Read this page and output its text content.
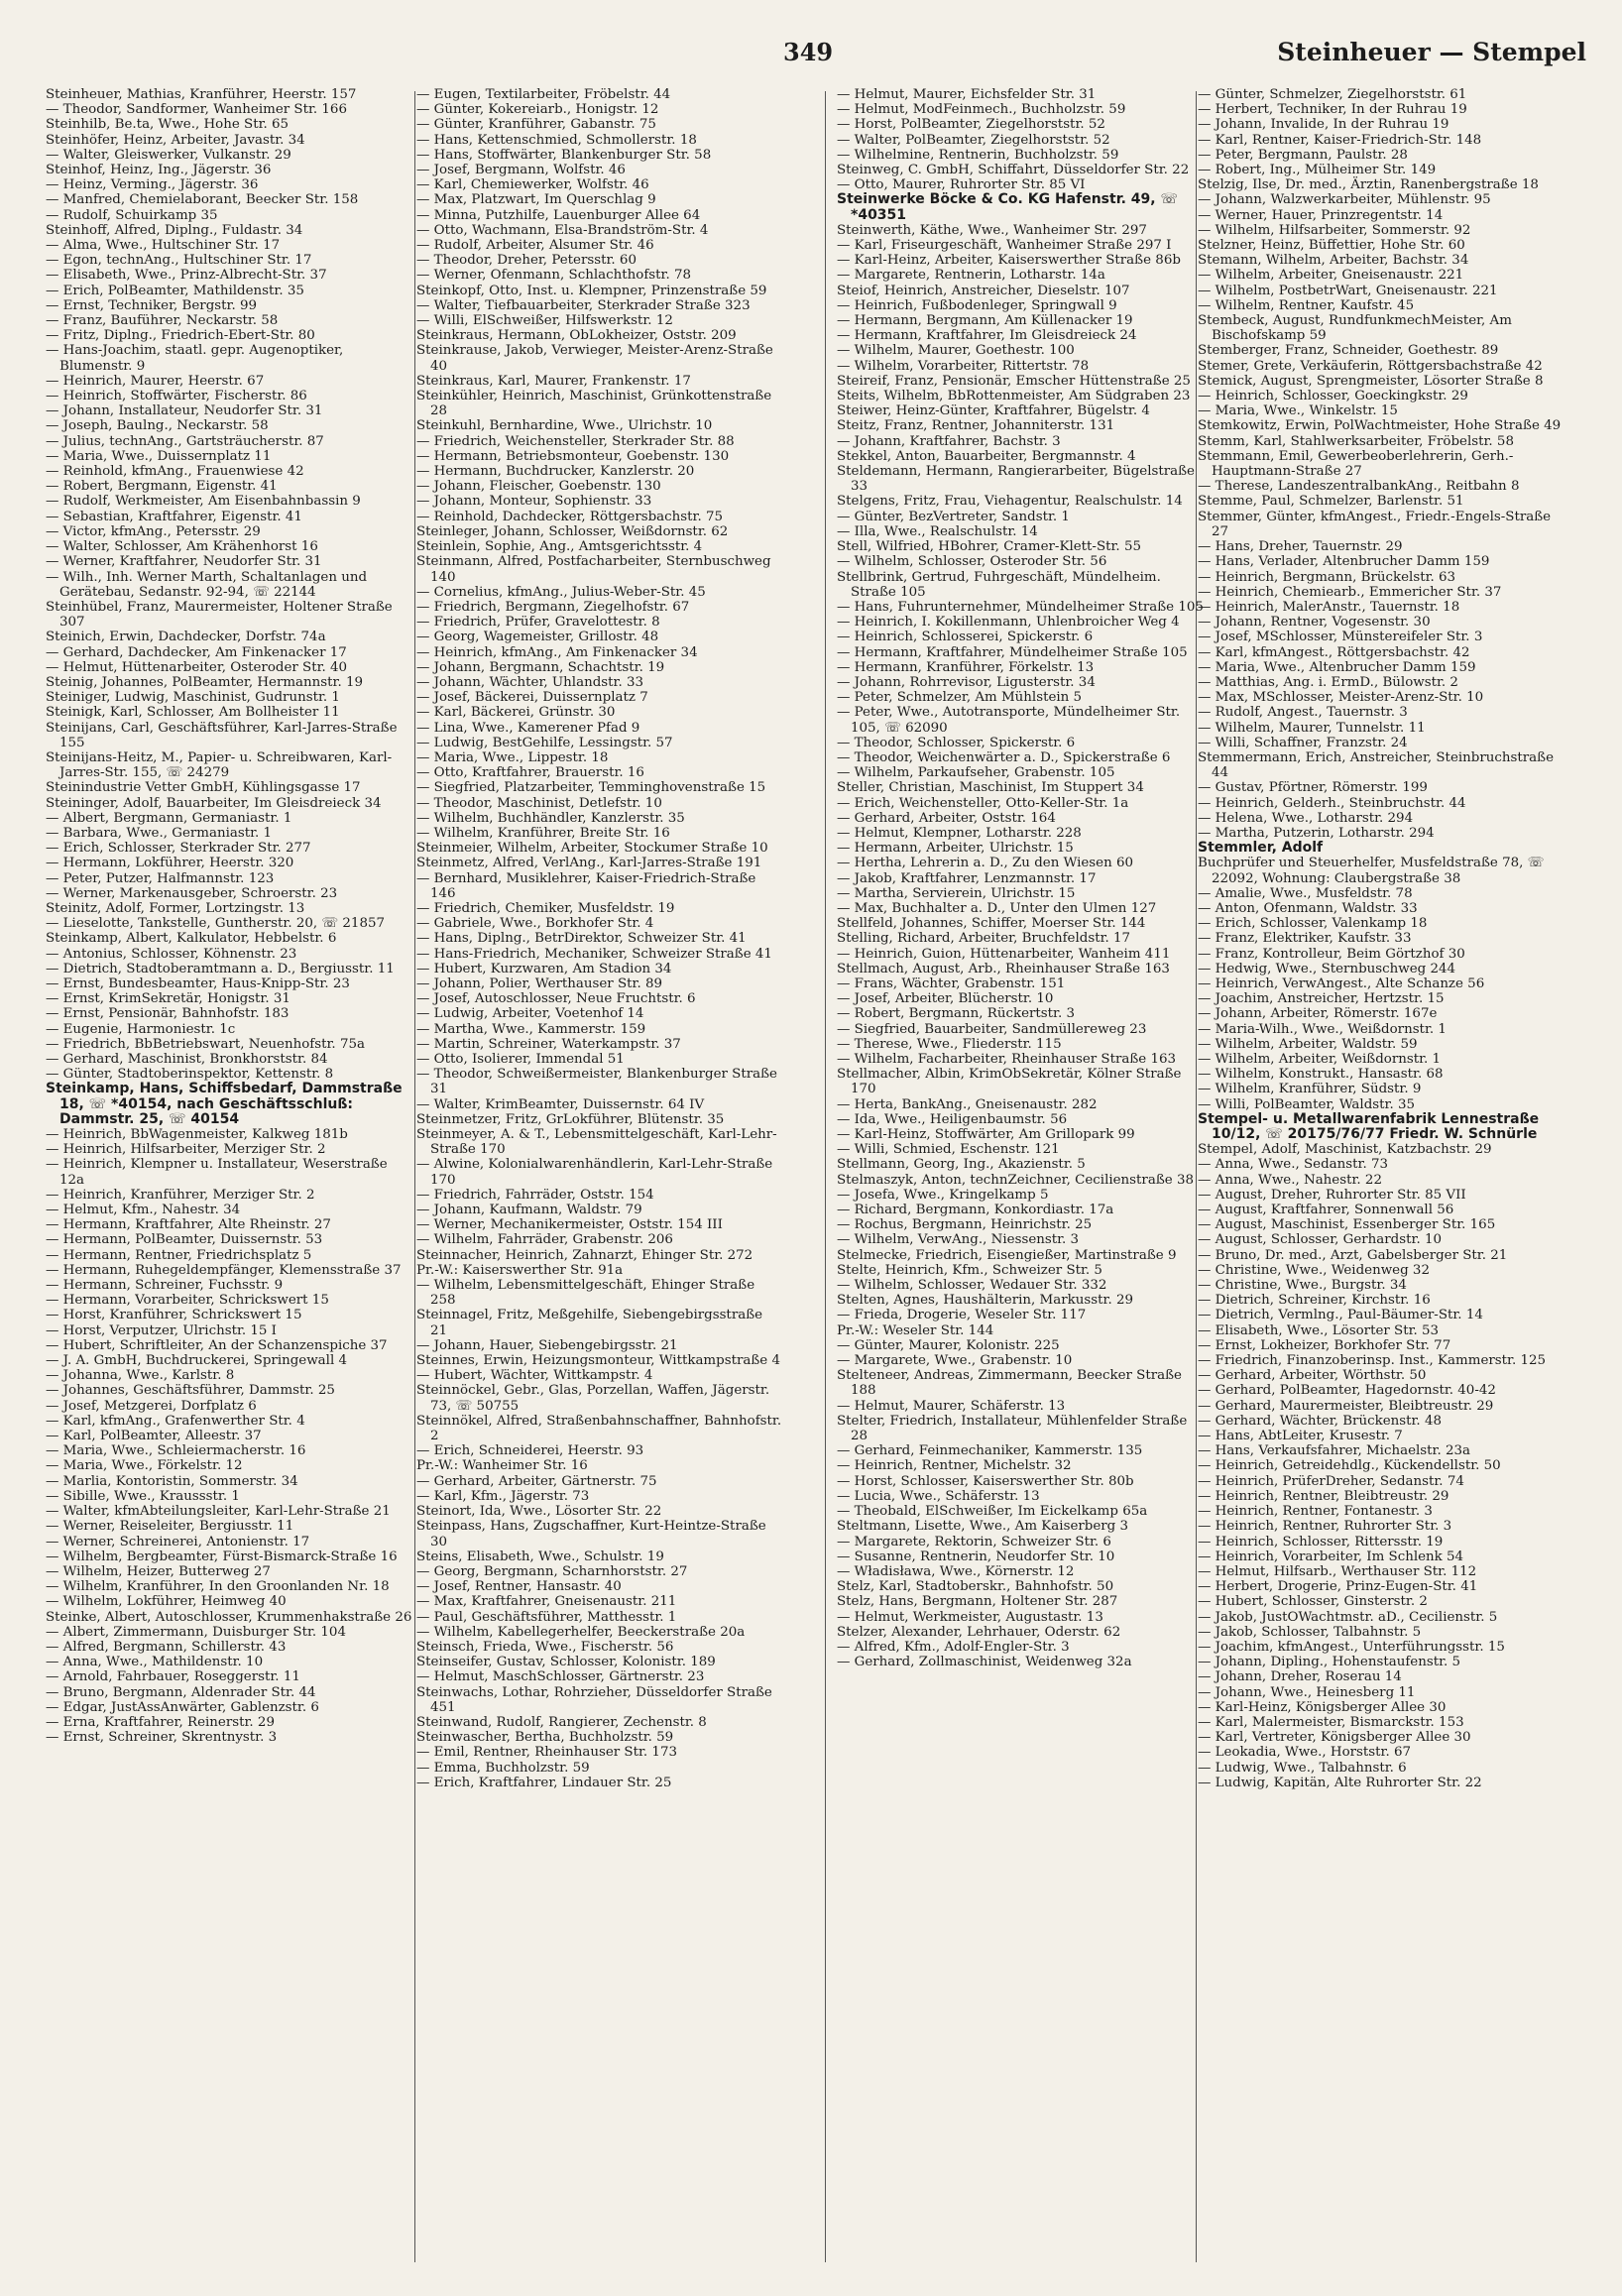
349	Steinheuer — Stempel
Steinheuer, Mathias, Kranführer, Heerstr. 157
— Theodor, Sandformer, Wanheimer Str. 166
Steinhilb, Be.ta, Wwe., Hohe Str. 65
Steinhöfer, Heinz, Arbeiter, Javastr. 34
— Walter, Gleiswerker, Vulkanstr. 29
Steinhof, Heinz, Ing., Jägerstr. 36
— Heinz, Verming., Jägerstr. 36
— Manfred, Chemielaborant, Beecker Str. 158
— Rudolf, Schuirkamp 35
Steinhoff, Alfred, Diplng., Fuldastr. 34
— Alma, Wwe., Hultschiner Str. 17
— Egon, technAng., Hultschiner Str. 17
— Elisabeth, Wwe., Prinz-Albrecht-Str. 37
— Erich, PolBeamter, Mathildenstr. 35
— Ernst, Techniker, Bergstr. 99
— Franz, Bauführer, Neckarstr. 58
— Fritz, Diplng., Friedrich-Ebert-Str. 80
— Hans-Joachim, staatl. gepr. Augenoptiker, Blumenstr. 9
— Heinrich, Maurer, Heerstr. 67
— Heinrich, Stoffwärter, Fischerstr. 86
— Johann, Installateur, Neudorfer Str. 31
— Joseph, Baulng., Neckarstr. 58
— Julius, technAng., Gartsträucherstr. 87
— Maria, Wwe., Duissernplatz 11
— Reinhold, kfmAng., Frauenwiese 42
— Robert, Bergmann, Eigenstr. 41
— Rudolf, Werkmeister, Am Eisenbahnbassin 9
— Sebastian, Kraftfahrer, Eigenstr. 41
— Victor, kfmAng., Petersstr. 29
— Walter, Schlosser, Am Krähenhorst 16
— Werner, Kraftfahrer, Neudorfer Str. 31
— Wilh., Inh. Werner Marth, Schaltanlagen und Gerätebau, Sedanstr. 92-94, ☏ 22144
Steinhübel, Franz, Maurermeister, Holtener Straße 307
Steinich, Erwin, Dachdecker, Dorfstr. 74a
— Gerhard, Dachdecker, Am Finkenacker 17
— Helmut, Hüttenarbeiter, Osteroder Str. 40
Steinig, Johannes, PolBeamter, Hermannstr. 19
Steiniger, Ludwig, Maschinist, Gudrunstr. 1
Steinigk, Karl, Schlosser, Am Bollheister 11
Steinijans, Carl, Geschäftsführer, Karl-Jarres-Straße 155
Steinijans-Heitz, M., Papier- u. Schreibwaren, Karl-Jarres-Str. 155, ☏ 24279
Steinindustrie Vetter GmbH, Kühlingsgasse 17
Steininger, Adolf, Bauarbeiter, Im Gleisdreieck 34
— Albert, Bergmann, Germaniastr. 1
— Barbara, Wwe., Germaniastr. 1
— Erich, Schlosser, Sterkrader Str. 277
— Hermann, Lokführer, Heerstr. 320
— Peter, Putzer, Halfmannstr. 123
— Werner, Markenausgeber, Schroerstr. 23
Steinitz, Adolf, Former, Lortzingstr. 13
— Lieselotte, Tankstelle, Guntherstr. 20, ☏ 21857
Steinkamp, Albert, Kalkulator, Hebbelstr. 6
— Antonius, Schlosser, Köhnenstr. 23
— Dietrich, Stadtoberamtmann a. D., Bergiusstr. 11
— Ernst, Bundesbeamter, Haus-Knipp-Str. 23
— Ernst, KrimSekretär, Honigstr. 31
— Ernst, Pensionär, Bahnhofstr. 183
— Eugenie, Harmoniestr. 1c
— Friedrich, BbBetriebswart, Neuenhofstr. 75a
— Gerhard, Maschinist, Bronkhorststr. 84
— Günter, Stadtoberinspektor, Kettenstr. 8
Steinkamp, Hans, Schiffsbedarf, Dammstraße 18, ☏ *40154, nach Geschäftsschluß: Dammstr. 25, ☏ 40154
— Heinrich, BbWagenmeister, Kalkweg 181b
— Heinrich, Hilfsarbeiter, Merziger Str. 2
— Heinrich, Klempner u. Installateur, Weserstraße 12a
— Heinrich, Kranführer, Merziger Str. 2
— Helmut, Kfm., Nahestr. 34
— Hermann, Kraftfahrer, Alte Rheinstr. 27
— Hermann, PolBeamter, Duissernstr. 53
— Hermann, Rentner, Friedrichsplatz 5
— Hermann, Ruhegeldempfänger, Klemensstraße 37
— Hermann, Schreiner, Fuchsstr. 9
— Hermann, Vorarbeiter, Schrickswert 15
— Horst, Kranführer, Schrickswert 15
— Horst, Verputzer, Ulrichstr. 15 I
— Hubert, Schriftleiter, An der Schanzenspiche 37
— J. A. GmbH, Buchdruckerei, Springewall 4
— Johanna, Wwe., Karlstr. 8
— Johannes, Geschäftsführer, Dammstr. 25
— Josef, Metzgerei, Dorfplatz 6
— Karl, kfmAng., Grafenwerther Str. 4
— Karl, PolBeamter, Alleestr. 37
— Maria, Wwe., Schleiermacherstr. 16
— Maria, Wwe., Förkelstr. 12
— Marlia, Kontoristin, Sommerstr. 34
— Sibille, Wwe., Kraussstr. 1
— Walter, kfmAbteilungsleiter, Karl-Lehr-Straße 21
— Werner, Reiseleiter, Bergiusstr. 11
— Werner, Schreinerei, Antonienstr. 17
— Wilhelm, Bergbeamter, Fürst-Bismarck-Straße 16
— Wilhelm, Heizer, Butterweg 27
— Wilhelm, Kranführer, In den Groonlanden Nr. 18
— Wilhelm, Lokführer, Heimweg 40
Steinke, Albert, Autoschlosser, Krummenhakstraße 26
— Albert, Zimmermann, Duisburger Str. 104
— Alfred, Bergmann, Schillerstr. 43
— Anna, Wwe., Mathildenstr. 10
— Arnold, Fahrbauer, Roseggerstr. 11
— Bruno, Bergmann, Aldenrader Str. 44
— Edgar, JustAssAnwärter, Gablenzstr. 6
— Erna, Kraftfahrer, Reinerstr. 29
— Ernst, Schreiner, Skrentnystr. 3
— Eugen, Textilarbeiter, Fröbelstr. 44
— Günter, Kokereiarb., Honigstr. 12
— Günter, Kranführer, Gabanstr. 75
— Hans, Kettenschmied, Schmollerstr. 18
— Hans, Stoffwärter, Blankenburger Str. 58
— Josef, Bergmann, Wolfstr. 46
— Karl, Chemiewerker, Wolfstr. 46
— Max, Platzwart, Im Querschlag 9
— Minna, Putzhilfe, Lauenburger Allee 64
— Otto, Wachmann, Elsa-Brandström-Str. 4
— Rudolf, Arbeiter, Alsumer Str. 46
— Theodor, Dreher, Petersstr. 60
— Werner, Ofenmann, Schlachthofstr. 78
Steinkopf, Otto, Inst. u. Klempner, Prinzenstraße 59
— Walter, Tiefbauarbeiter, Sterkrader Straße 323
— Willi, ElSchweißer, Hilfswerkstr. 12
Steinkraus, Hermann, ObLokheizer, Oststr. 209
Steinkrause, Jakob, Verwieger, Meister-Arenz-Straße 40
Steinkraus, Karl, Maurer, Frankenstr. 17
Steinkühler, Heinrich, Maschinist, Grünkottenstraße 28
Steinkuhl, Bernhardine, Wwe., Ulrichstr. 10
— Friedrich, Weichensteller, Sterkrader Str. 88
— Hermann, Betriebsmonteur, Goebenstr. 130
— Hermann, Buchdrucker, Kanzlerstr. 20
— Johann, Fleischer, Goebenstr. 130
— Johann, Monteur, Sophienstr. 33
— Reinhold, Dachdecker, Röttgersbachstr. 75
Steinleger, Johann, Schlosser, Weißdornstr. 62
Steinlein, Sophie, Ang., Amtsgerichtsstr. 4
Steinmann, Alfred, Postfacharbeiter, Sternbuschweg 140
— Cornelius, kfmAng., Julius-Weber-Str. 45
— Friedrich, Bergmann, Ziegelhofstr. 67
— Friedrich, Prüfer, Gravelottestr. 8
— Georg, Wagemeister, Grillostr. 48
— Heinrich, kfmAng., Am Finkenacker 34
— Johann, Bergmann, Schachtstr. 19
— Johann, Wächter, Uhlandstr. 33
— Josef, Bäckerei, Duissernplatz 7
— Karl, Bäckerei, Grünstr. 30
— Lina, Wwe., Kamerener Pfad 9
— Ludwig, BestGehilfe, Lessingstr. 57
— Maria, Wwe., Lippestr. 18
— Otto, Kraftfahrer, Brauerstr. 16
— Siegfried, Platzarbeiter, Temminghovenstraße 15
— Theodor, Maschinist, Detlefstr. 10
— Wilhelm, Buchhändler, Kanzlerstr. 35
— Wilhelm, Kranführer, Breite Str. 16
Steinmeier, Wilhelm, Arbeiter, Stockumer Straße 10
Steinmetz, Alfred, VerlAng., Karl-Jarres-Straße 191
— Bernhard, Musiklehrer, Kaiser-Friedrich-Straße 146
— Friedrich, Chemiker, Musfeldstr. 19
— Gabriele, Wwe., Borkhofer Str. 4
— Hans, Diplng., BetrDirektor, Schweizer Str. 41
— Hans-Friedrich, Mechaniker, Schweizer Straße 41
— Hubert, Kurzwaren, Am Stadion 34
— Johann, Polier, Werthauser Str. 89
— Josef, Autoschlosser, Neue Fruchtstr. 6
— Ludwig, Arbeiter, Voetenhof 14
— Martha, Wwe., Kammerstr. 159
— Martin, Schreiner, Waterkampstr. 37
— Otto, Isolierer, Immendal 51
— Theodor, Schweißermeister, Blankenburger Straße 31
— Walter, KrimBeamter, Duissernstr. 64 IV
Steinmetzer, Fritz, GrLokführer, Blütenstr. 35
Steinmeyer, A. & T., Lebensmittelgeschäft, Karl-Lehr-Straße 170
— Alwine, Kolonialwarenhändlerin, Karl-Lehr-Straße 170
— Friedrich, Fahrräder, Oststr. 154
— Johann, Kaufmann, Waldstr. 79
— Werner, Mechanikermeister, Oststr. 154 III
— Wilhelm, Fahrräder, Grabenstr. 206
Steinnacher, Heinrich, Zahnarzt, Ehinger Str. 272
Pr.-W.: Kaiserswerther Str. 91a
— Wilhelm, Lebensmittelgeschäft, Ehinger Straße 258
Steinnagel, Fritz, Meßgehilfe, Siebengebirgsstraße 21
— Johann, Hauer, Siebengebirgsstr. 21
Steinnes, Erwin, Heizungsmonteur, Wittkampstraße 4
— Hubert, Wächter, Wittkampstr. 4
Steinnöckel, Gebr., Glas, Porzellan, Waffen, Jägerstr. 73, ☏ 50755
Steinnökel, Alfred, Straßenbahnschaffner, Bahnhofstr. 2
— Erich, Schneiderei, Heerstr. 93
Pr.-W.: Wanheimer Str. 16
— Gerhard, Arbeiter, Gärtnerstr. 75
— Karl, Kfm., Jägerstr. 73
Steinort, Ida, Wwe., Lösorter Str. 22
Steinpass, Hans, Zugschaffner, Kurt-Heintze-Straße 30
Steins, Elisabeth, Wwe., Schulstr. 19
— Georg, Bergmann, Scharnhorststr. 27
— Josef, Rentner, Hansastr. 40
— Max, Kraftfahrer, Gneisenaustr. 211
— Paul, Geschäftsführer, Matthesstr. 1
— Wilhelm, Kabellegerhelfer, Beeckerstraße 20a
Steinsch, Frieda, Wwe., Fischerstr. 56
Steinseifer, Gustav, Schlosser, Kolonistr. 189
— Helmut, MaschSchlosser, Gärtnerstr. 23
Steinwachs, Lothar, Rohrzieher, Düsseldorfer Straße 451
Steinwand, Rudolf, Rangierer, Zechenstr. 8
Steinwascher, Bertha, Buchholzstr. 59
— Emil, Rentner, Rheinhauser Str. 173
— Emma, Buchholzstr. 59
— Erich, Kraftfahrer, Lindauer Str. 25
— Helmut, Maurer, Eichsfelder Str. 31
— Helmut, ModFeinmech., Buchholzstr. 59
— Horst, PolBeamter, Ziegelhorststr. 52
— Walter, PolBeamter, Ziegelhorststr. 52
— Wilhelmine, Rentnerin, Buchholzstr. 59
Steinweg, C. GmbH, Schiffahrt, Düsseldorfer Str. 22
— Otto, Maurer, Ruhrorter Str. 85 VI
Steinwerke Böcke & Co. KG Hafenstr. 49, ☏ *40351
Steinwerth, Käthe, Wwe., Wanheimer Str. 297
— Karl, Friseurgeschäft, Wanheimer Straße 297 I
— Karl-Heinz, Arbeiter, Kaiserswerther Straße 86b
— Margarete, Rentnerin, Lotharstr. 14a
Steiof, Heinrich, Anstreicher, Dieselstr. 107
— Heinrich, Fußbodenleger, Springwall 9
— Hermann, Bergmann, Am Küllenacker 19
— Hermann, Kraftfahrer, Im Gleisdreieck 24
— Wilhelm, Maurer, Goethestr. 100
— Wilhelm, Vorarbeiter, Rittertstr. 78
Steireif, Franz, Pensionär, Emscher Hüttenstraße 25
Steits, Wilhelm, BbRottenmeister, Am Südgraben 23
Steiwer, Heinz-Günter, Kraftfahrer, Bügelstr. 4
Steitz, Franz, Rentner, Johanniterstr. 131
— Johann, Kraftfahrer, Bachstr. 3
Stekkel, Anton, Bauarbeiter, Bergmannstr. 4
Steldemann, Hermann, Rangierarbeiter, Bügelstraße 33
Stelgens, Fritz, Frau, Viehagentur, Realschulstr. 14
— Günter, BezVertreter, Sandstr. 1
— Illa, Wwe., Realschulstr. 14
Stell, Wilfried, HBohrer, Cramer-Klett-Str. 55
— Wilhelm, Schlosser, Osteroder Str. 56
Stellbrink, Gertrud, Fuhrgeschäft, Mündelheim. Straße 105
— Hans, Fuhrunternehmer, Mündelheimer Straße 105
— Heinrich, I. Kokillenmann, Uhlenbroicher Weg 4
— Heinrich, Schlosserei, Spickerstr. 6
— Hermann, Kraftfahrer, Mündelheimer Straße 105
— Hermann, Kranführer, Förkelstr. 13
— Johann, Rohrrevisor, Ligusterstr. 34
— Peter, Schmelzer, Am Mühlstein 5
— Peter, Wwe., Autotransporte, Mündelheimer Str. 105, ☏ 62090
— Theodor, Schlosser, Spickerstr. 6
— Theodor, Weichenwärter a. D., Spickerstraße 6
— Wilhelm, Parkaufseher, Grabenstr. 105
Steller, Christian, Maschinist, Im Stuppert 34
— Erich, Weichensteller, Otto-Keller-Str. 1a
— Gerhard, Arbeiter, Oststr. 164
— Helmut, Klempner, Lotharstr. 228
— Hermann, Arbeiter, Ulrichstr. 15
— Hertha, Lehrerin a. D., Zu den Wiesen 60
— Jakob, Kraftfahrer, Lenzmannstr. 17
— Martha, Servierein, Ulrichstr. 15
— Max, Buchhalter a. D., Unter den Ulmen 127
Stellfeld, Johannes, Schiffer, Moerser Str. 144
Stelling, Richard, Arbeiter, Bruchfeldstr. 17
— Heinrich, Guion, Hüttenarbeiter, Wanheim 411
Stellmach, August, Arb., Rheinhauser Straße 163
— Frans, Wächter, Grabenstr. 151
— Josef, Arbeiter, Blücherstr. 10
— Robert, Bergmann, Rückertstr. 3
— Siegfried, Bauarbeiter, Sandmüllereweg 23
— Therese, Wwe., Fliederstr. 115
— Wilhelm, Facharbeiter, Rheinhauser Straße 163
Stellmacher, Albin, KrimObSekretär, Kölner Straße 170
— Herta, BankAng., Gneisenaustr. 282
— Ida, Wwe., Heiligenbaumstr. 56
— Karl-Heinz, Stoffwärter, Am Grillopark 99
— Willi, Schmied, Eschenstr. 121
Stellmann, Georg, Ing., Akazienstr. 5
Stelmaszyk, Anton, technZeichner, Cecilienstraße 38
— Josefa, Wwe., Kringelkamp 5
— Richard, Bergmann, Konkordiastr. 17a
— Rochus, Bergmann, Heinrichstr. 25
— Wilhelm, VerwAng., Niessenstr. 3
Stelmecke, Friedrich, Eisengießer, Martinstraße 9
Stelte, Heinrich, Kfm., Schweizer Str. 5
— Wilhelm, Schlosser, Wedauer Str. 332
Stelten, Agnes, Haushälterin, Markusstr. 29
— Frieda, Drogerie, Weseler Str. 117
Pr.-W.: Weseler Str. 144
— Günter, Maurer, Kolonistr. 225
— Margarete, Wwe., Grabenstr. 10
Stelteneer, Andreas, Zimmermann, Beecker Straße 188
— Helmut, Maurer, Schäferstr. 13
Stelter, Friedrich, Installateur, Mühlenfelder Straße 28
— Gerhard, Feinmechaniker, Kammerstr. 135
— Heinrich, Rentner, Michelstr. 32
— Horst, Schlosser, Kaiserswerther Str. 80b
— Lucia, Wwe., Schäferstr. 13
— Theobald, ElSchweißer, Im Eickelkamp 65a
Steltmann, Lisette, Wwe., Am Kaiserberg 3
— Margarete, Rektorin, Schweizer Str. 6
— Susanne, Rentnerin, Neudorfer Str. 10
— Władisława, Wwe., Körnerstr. 12
Stelz, Karl, Stadtoberskr., Bahnhofstr. 50
Stelz, Hans, Bergmann, Holtener Str. 287
— Helmut, Werkmeister, Augustastr. 13
Stelzer, Alexander, Lehrhauer, Oderstr. 62
— Alfred, Kfm., Adolf-Engler-Str. 3
— Gerhard, Zollmaschinist, Weidenweg 32a
— Günter, Schmelzer, Ziegelhorststr. 61
— Herbert, Techniker, In der Ruhrau 19
— Johann, Invalide, In der Ruhrau 19
— Karl, Rentner, Kaiser-Friedrich-Str. 148
— Peter, Bergmann, Paulstr. 28
— Robert, Ing., Mülheimer Str. 149
Stelzig, Ilse, Dr. med., Ärztin, Ranenbergstraße 18
— Johann, Walzwerkarbeiter, Mühlenstr. 95
— Werner, Hauer, Prinzregentstr. 14
— Wilhelm, Hilfsarbeiter, Sommerstr. 92
Stelzner, Heinz, Büffettier, Hohe Str. 60
Stemann, Wilhelm, Arbeiter, Bachstr. 34
— Wilhelm, Arbeiter, Gneisenaustr. 221
— Wilhelm, PostbetrWart, Gneisenaustr. 221
— Wilhelm, Rentner, Kaufstr. 45
Stembeck, August, RundfunkmechMeister, Am Bischofskamp 59
Stemberger, Franz, Schneider, Goethestr. 89
Stemer, Grete, Verkäuferin, Röttgersbachstraße 42
Stemick, August, Sprengmeister, Lösorter Straße 8
— Heinrich, Schlosser, Goeckingkstr. 29
— Maria, Wwe., Winkelstr. 15
Stemkowitz, Erwin, PolWachtmeister, Hohe Straße 49
Stemm, Karl, Stahlwerksarbeiter, Fröbelstr. 58
Stemmann, Emil, Gewerbeoberlehrerin, Gerh.-Hauptmann-Straße 27
— Therese, LandeszentralbankAng., Reitbahn 8
Stemme, Paul, Schmelzer, Barlenstr. 51
Stemmer, Günter, kfmAngest., Friedr.-Engels-Straße 27
— Hans, Dreher, Tauernstr. 29
— Hans, Verlader, Altenbrucher Damm 159
— Heinrich, Bergmann, Brückelstr. 63
— Heinrich, Chemiearb., Emmericher Str. 37
— Heinrich, MalerAnstr., Tauernstr. 18
— Johann, Rentner, Vogesenstr. 30
— Josef, MSchlosser, Münstereifeler Str. 3
— Karl, kfmAngest., Röttgersbachstr. 42
— Maria, Wwe., Altenbrucher Damm 159
— Matthias, Ang. i. ErmD., Bülowstr. 2
— Max, MSchlosser, Meister-Arenz-Str. 10
— Rudolf, Angest., Tauernstr. 3
— Wilhelm, Maurer, Tunnelstr. 11
— Willi, Schaffner, Franzstr. 24
Stemmermann, Erich, Anstreicher, Steinbruchstraße 44
— Gustav, Pförtner, Römerstr. 199
— Heinrich, Gelderh., Steinbruchstr. 44
— Helena, Wwe., Lotharstr. 294
— Martha, Putzerin, Lotharstr. 294
Stemmler, Adolf
Buchprüfer und Steuerhelfer, Musfeldstraße 78, ☏ 22092, Wohnung: Claubergstraße 38
— Amalie, Wwe., Musfeldstr. 78
— Anton, Ofenmann, Waldstr. 33
— Erich, Schlosser, Valenkamp 18
— Franz, Elektriker, Kaufstr. 33
— Franz, Kontrolleur, Beim Görtzhof 30
— Hedwig, Wwe., Sternbuschweg 244
— Heinrich, VerwAngest., Alte Schanze 56
— Joachim, Anstreicher, Hertzstr. 15
— Johann, Arbeiter, Römerstr. 167e
— Maria-Wilh., Wwe., Weißdornstr. 1
— Wilhelm, Arbeiter, Waldstr. 59
— Wilhelm, Arbeiter, Weißdornstr. 1
— Wilhelm, Konstrukt., Hansastr. 68
— Wilhelm, Kranführer, Südstr. 9
— Willi, PolBeamter, Waldstr. 35
Stempel- u. Metallwarenfabrik Lennestraße 10/12, ☏ 20175/76/77 Friedr. W. Schnürle
Stempel, Adolf, Maschinist, Katzbachstr. 29
— Anna, Wwe., Sedanstr. 73
— Anna, Wwe., Nahestr. 22
— August, Dreher, Ruhrorter Str. 85 VII
— August, Kraftfahrer, Sonnenwall 56
— August, Maschinist, Essenberger Str. 165
— August, Schlosser, Gerhardstr. 10
— Bruno, Dr. med., Arzt, Gabelsberger Str. 21
— Christine, Wwe., Weidenweg 32
— Christine, Wwe., Burgstr. 34
— Dietrich, Schreiner, Kirchstr. 16
— Dietrich, Vermlng., Paul-Bäumer-Str. 14
— Elisabeth, Wwe., Lösorter Str. 53
— Ernst, Lokheizer, Borkhofer Str. 77
— Friedrich, Finanzoberinsp. Inst., Kammerstr. 125
— Gerhard, Arbeiter, Wörthstr. 50
— Gerhard, PolBeamter, Hagedornstr. 40-42
— Gerhard, Maurermeister, Bleibtreustr. 29
— Gerhard, Wächter, Brückenstr. 48
— Hans, AbtLeiter, Krusestr. 7
— Hans, Verkaufsfahrer, Michaelstr. 23a
— Heinrich, Getreidehdlg., Kückendellstr. 50
— Heinrich, PrüferDreher, Sedanstr. 74
— Heinrich, Rentner, Bleibtreustr. 29
— Heinrich, Rentner, Fontanestr. 3
— Heinrich, Rentner, Ruhrorter Str. 3
— Heinrich, Schlosser, Rittersstr. 19
— Heinrich, Vorarbeiter, Im Schlenk 54
— Helmut, Hilfsarb., Werthauser Str. 112
— Herbert, Drogerie, Prinz-Eugen-Str. 41
— Hubert, Schlosser, Ginsterstr. 2
— Jakob, JustOWachtmstr. aD., Cecilienstr. 5
— Jakob, Schlosser, Talbahnstr. 5
— Joachim, kfmAngest., Unterführungsstr. 15
— Johann, Dipling., Hohenstaufenstr. 5
— Johann, Dreher, Roserau 14
— Johann, Wwe., Heinesberg 11
— Karl-Heinz, Königsberger Allee 30
— Karl, Malermeister, Bismarckstr. 153
— Karl, Vertreter, Königsberger Allee 30
— Leokadia, Wwe., Horststr. 67
— Ludwig, Wwe., Talbahnstr. 6
— Ludwig, Kapitän, Alte Ruhrorter Str. 22
